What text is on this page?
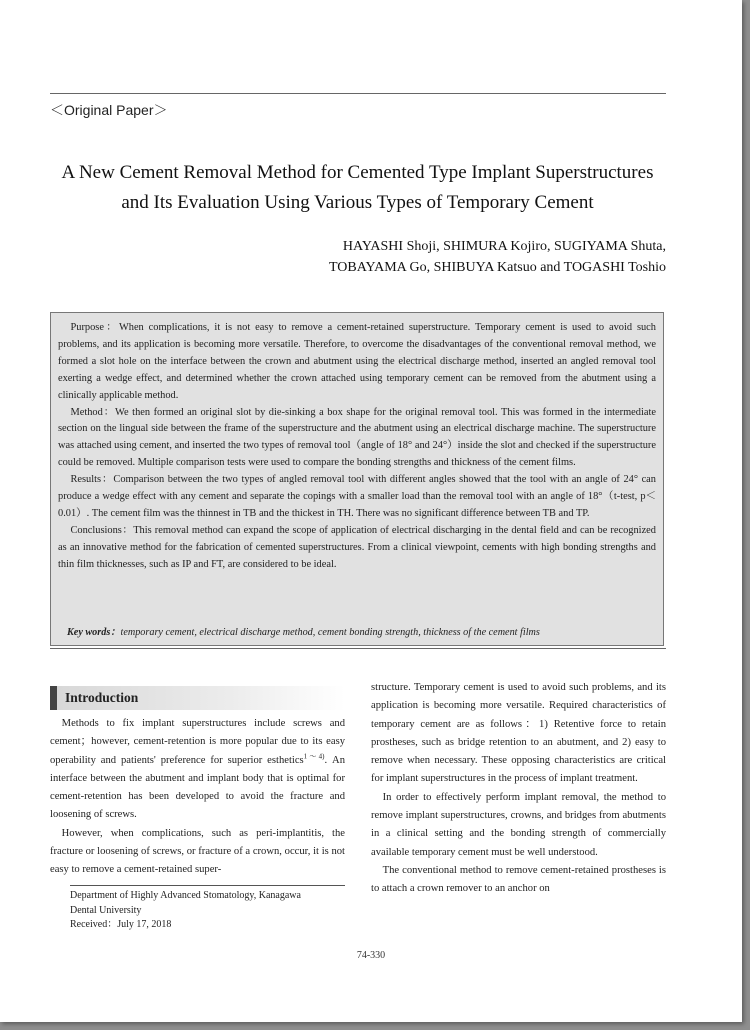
＜Original Paper＞
A New Cement Removal Method for Cemented Type Implant Superstructures
and Its Evaluation Using Various Types of Temporary Cement
HAYASHI Shoji, SHIMURA Kojiro, SUGIYAMA Shuta,
TOBAYAMA Go, SHIBUYA Katsuo and TOGASHI Toshio

Purpose：When complications, it is not easy to remove a cement-retained superstructure. Temporary cement is used to avoid such problems, and its application is becoming more versatile. Therefore, to overcome the disadvantages of the conventional removal method, we formed a slot hole on the interface between the crown and abutment using the electrical discharge method, inserted an angled removal tool exerting a wedge effect, and determined whether the crown attached using temporary cement can be removed from the abutment using a clinically applicable method.

Method：We then formed an original slot by die-sinking a box shape for the original removal tool. This was formed in the intermediate section on the lingual side between the frame of the superstructure and the abutment using an electrical discharge machine. The superstructure was attached using cement, and inserted the two types of removal tool（angle of 18° and 24°）inside the slot and checked if the superstructure could be removed. Multiple comparison tests were used to compare the bonding strengths and thickness of the cement films.

Results：Comparison between the two types of angled removal tool with different angles showed that the tool with an angle of 24° can produce a wedge effect with any cement and separate the copings with a smaller load than the removal tool with an angle of 18°（t-test, p＜0.01）. The cement film was the thinnest in TB and the thickest in TH. There was no significant difference between TB and TP.

Conclusions：This removal method can expand the scope of application of electrical discharging in the dental field and can be recognized as an innovative method for the fabrication of cemented superstructures. From a clinical viewpoint, cements with high bonding strengths and thin film thicknesses, such as IP and FT, are considered to be ideal.

Key words：temporary cement, electrical discharge method, cement bonding strength, thickness of the cement films
Introduction

Methods to fix implant superstructures include screws and cement；however, cement-retention is more popular due to its easy operability and patients' preference for superior esthetics$^{1〜4)}$. An interface between the abutment and implant body that is optimal for cement-retention has been developed to avoid the fracture and loosening of screws.

However, when complications, such as peri-implantitis, the fracture or loosening of screws, or fracture of a crown, occur, it is not easy to remove a cement-retained super-

structure. Temporary cement is used to avoid such problems, and its application is becoming more versatile. Required characteristics of temporary cement are as follows：1) Retentive force to retain prostheses, such as bridge retention to an abutment, and 2) easy to remove when necessary. These opposing characteristics are critical for implant superstructures in the process of implant treatment.

In order to effectively perform implant removal, the method to remove implant superstructures, crowns, and bridges from abutments in a clinical setting and the bonding strength of commercially available temporary cement must be well understood.

The conventional method to remove cement-retained prostheses is to attach a crown remover to an anchor on

Department of Highly Advanced Stomatology, Kanagawa
Dental University
Received：July 17, 2018
74-330
